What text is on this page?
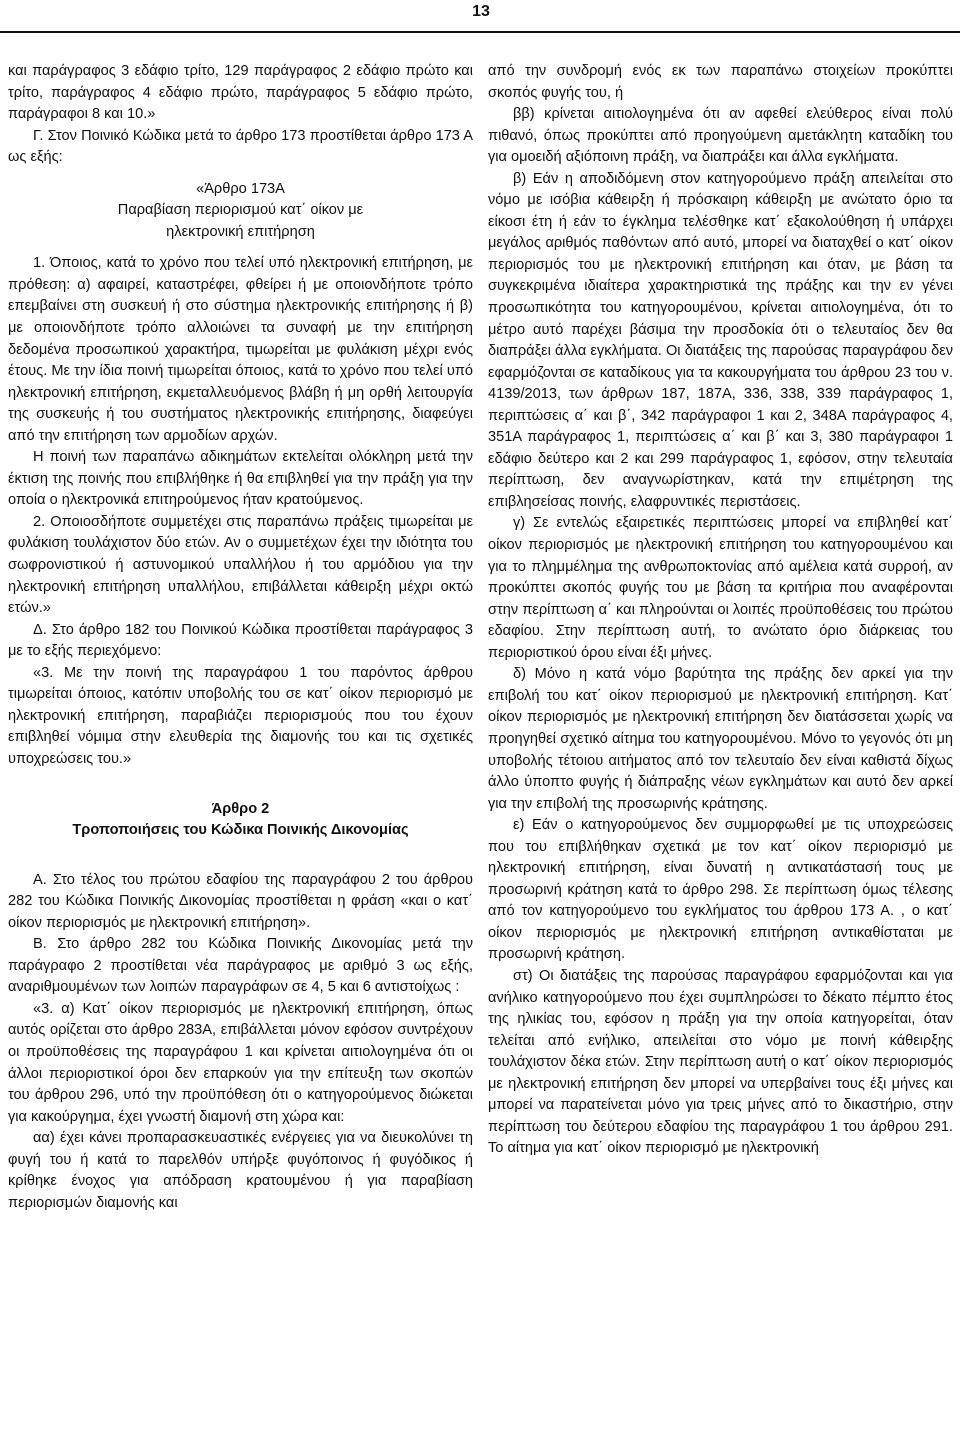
13

και παράγραφος 3 εδάφιο τρίτο, 129 παράγραφος 2 εδάφιο πρώτο και τρίτο, παράγραφος 4 εδάφιο πρώτο, παράγραφος 5 εδάφιο πρώτο, παράγραφοι 8 και 10.»

Γ. Στον Ποινικό Κώδικα μετά το άρθρο 173 προστίθεται άρθρο 173 Α ως εξής:

«Άρθρο 173Α

Παραβίαση περιορισμού κατ΄ οίκον με

ηλεκτρονική επιτήρηση

1. Όποιος, κατά το χρόνο που τελεί υπό ηλεκτρονική επιτήρηση, με πρόθεση: α) αφαιρεί, καταστρέφει, φθείρει ή με οποιονδήποτε τρόπο επεμβαίνει στη συσκευή ή στο σύστημα ηλεκτρονικής επιτήρησης ή β) με οποιονδήποτε τρόπο αλλοιώνει τα συναφή με την επιτήρηση δεδομένα προσωπικού χαρακτήρα, τιμωρείται με φυλάκιση μέχρι ενός έτους. Με την ίδια ποινή τιμωρείται όποιος, κατά το χρόνο που τελεί υπό ηλεκτρονική επιτήρηση, εκμεταλλευόμενος βλάβη ή μη ορθή λειτουργία της συσκευής ή του συστήματος ηλεκτρονικής επιτήρησης, διαφεύγει από την επιτήρηση των αρμοδίων αρχών.

Η ποινή των παραπάνω αδικημάτων εκτελείται ολόκληρη μετά την έκτιση της ποινής που επιβλήθηκε ή θα επιβληθεί για την πράξη για την οποία ο ηλεκτρονικά επιτηρούμενος ήταν κρατούμενος.

2. Οποιοσδήποτε συμμετέχει στις παραπάνω πράξεις τιμωρείται με φυλάκιση τουλάχιστον δύο ετών. Αν ο συμμετέχων έχει την ιδιότητα του σωφρονιστικού ή αστυνομικού υπαλλήλου ή του αρμόδιου για την ηλεκτρονική επιτήρηση υπαλλήλου, επιβάλλεται κάθειρξη μέχρι οκτώ ετών.»

Δ. Στο άρθρο 182 του Ποινικού Κώδικα προστίθεται παράγραφος 3 με το εξής περιεχόμενο:

«3. Με την ποινή της παραγράφου 1 του παρόντος άρθρου τιμωρείται όποιος, κατόπιν υποβολής του σε κατ΄ οίκον περιορισμό με ηλεκτρονική επιτήρηση, παραβιάζει περιορισμούς που του έχουν επιβληθεί νόμιμα στην ελευθερία της διαμονής του και τις σχετικές υποχρεώσεις του.»

Άρθρο 2

Τροποποιήσεις του Κώδικα Ποινικής Δικονομίας

Α. Στο τέλος του πρώτου εδαφίου της παραγράφου 2 του άρθρου 282 του Κώδικα Ποινικής Δικονομίας προστίθεται η φράση «και ο κατ΄ οίκον περιορισμός με ηλεκτρονική επιτήρηση».

Β. Στο άρθρο 282 του Κώδικα Ποινικής Δικονομίας μετά την παράγραφο 2 προστίθεται νέα παράγραφος με αριθμό 3 ως εξής, αναριθμουμένων των λοιπών παραγράφων σε 4, 5 και 6 αντιστοίχως :

«3. α) Κατ΄ οίκον περιορισμός με ηλεκτρονική επιτήρηση, όπως αυτός ορίζεται στο άρθρο 283Α, επιβάλλεται μόνον εφόσον συντρέχουν οι προϋποθέσεις της παραγράφου 1 και κρίνεται αιτιολογημένα ότι οι άλλοι περιοριστικοί όροι δεν επαρκούν για την επίτευξη των σκοπών του άρθρου 296, υπό την προϋπόθεση ότι ο κατηγορούμενος διώκεται για κακούργημα, έχει γνωστή διαμονή στη χώρα και:

αα) έχει κάνει προπαρασκευαστικές ενέργειες για να διευκολύνει τη φυγή του ή κατά το παρελθόν υπήρξε φυγόποινος ή φυγόδικος ή κρίθηκε ένοχος για απόδραση κρατουμένου ή για παραβίαση περιορισμών διαμονής και

από την συνδρομή ενός εκ των παραπάνω στοιχείων προκύπτει σκοπός φυγής του, ή

ββ) κρίνεται αιτιολογημένα ότι αν αφεθεί ελεύθερος είναι πολύ πιθανό, όπως προκύπτει από προηγούμενη αμετάκλητη καταδίκη του για ομοειδή αξιόποινη πράξη, να διαπράξει και άλλα εγκλήματα.

β) Εάν η αποδιδόμενη στον κατηγορούμενο πράξη απειλείται στο νόμο με ισόβια κάθειρξη ή πρόσκαιρη κάθειρξη με ανώτατο όριο τα είκοσι έτη ή εάν το έγκλημα τελέσθηκε κατ΄ εξακολούθηση ή υπάρχει μεγάλος αριθμός παθόντων από αυτό, μπορεί να διαταχθεί ο κατ΄ οίκον περιορισμός του με ηλεκτρονική επιτήρηση και όταν, με βάση τα συγκεκριμένα ιδιαίτερα χαρακτηριστικά της πράξης και την εν γένει προσωπικότητα του κατηγορουμένου, κρίνεται αιτιολογημένα, ότι το μέτρο αυτό παρέχει βάσιμα την προσδοκία ότι ο τελευταίος δεν θα διαπράξει άλλα εγκλήματα. Οι διατάξεις της παρούσας παραγράφου δεν εφαρμόζονται σε καταδίκους για τα κακουργήματα του άρθρου 23 του ν. 4139/2013, των άρθρων 187, 187Α, 336, 338, 339 παράγραφος 1, περιπτώσεις α΄ και β΄, 342 παράγραφοι 1 και 2, 348Α παράγραφος 4, 351Α παράγραφος 1, περιπτώσεις α΄ και β΄ και 3, 380 παράγραφοι 1 εδάφιο δεύτερο και 2 και 299 παράγραφος 1, εφόσον, στην τελευταία περίπτωση, δεν αναγνωρίστηκαν, κατά την επιμέτρηση της επιβλησείσας ποινής, ελαφρυντικές περιστάσεις.

γ) Σε εντελώς εξαιρετικές περιπτώσεις μπορεί να επιβληθεί κατ΄ οίκον περιορισμός με ηλεκτρονική επιτήρηση του κατηγορουμένου και για το πλημμέλημα της ανθρωποκτονίας από αμέλεια κατά συρροή, αν προκύπτει σκοπός φυγής του με βάση τα κριτήρια που αναφέρονται στην περίπτωση α΄ και πληρούνται οι λοιπές προϋποθέσεις του πρώτου εδαφίου. Στην περίπτωση αυτή, το ανώτατο όριο διάρκειας του περιοριστικού όρου είναι έξι μήνες.

δ) Μόνο η κατά νόμο βαρύτητα της πράξης δεν αρκεί για την επιβολή του κατ΄ οίκον περιορισμού με ηλεκτρονική επιτήρηση. Κατ΄ οίκον περιορισμός με ηλεκτρονική επιτήρηση δεν διατάσσεται χωρίς να προηγηθεί σχετικό αίτημα του κατηγορουμένου. Μόνο το γεγονός ότι μη υποβολής τέτοιου αιτήματος από τον τελευταίο δεν είναι καθιστά δίχως άλλο ύποπτο φυγής ή διάπραξης νέων εγκλημάτων και αυτό δεν αρκεί για την επιβολή της προσωρινής κράτησης.

ε) Εάν ο κατηγορούμενος δεν συμμορφωθεί με τις υποχρεώσεις που του επιβλήθηκαν σχετικά με τον κατ΄ οίκον περιορισμό με ηλεκτρονική επιτήρηση, είναι δυνατή η αντικατάστασή τους με προσωρινή κράτηση κατά το άρθρο 298. Σε περίπτωση όμως τέλεσης από τον κατηγορούμενο του εγκλήματος του άρθρου 173 Α. , ο κατ΄ οίκον περιορισμός με ηλεκτρονική επιτήρηση αντικαθίσταται με προσωρινή κράτηση.

στ) Οι διατάξεις της παρούσας παραγράφου εφαρμόζονται και για ανήλικο κατηγορούμενο που έχει συμπληρώσει το δέκατο πέμπτο έτος της ηλικίας του, εφόσον η πράξη για την οποία κατηγορείται, όταν τελείται από ενήλικο, απειλείται στο νόμο με ποινή κάθειρξης τουλάχιστον δέκα ετών. Στην περίπτωση αυτή ο κατ΄ οίκον περιορισμός με ηλεκτρονική επιτήρηση δεν μπορεί να υπερβαίνει τους έξι μήνες και μπορεί να παρατείνεται μόνο για τρεις μήνες από το δικαστήριο, στην περίπτωση του δεύτερου εδαφίου της παραγράφου 1 του άρθρου 291. Το αίτημα για κατ΄ οίκον περιορισμό με ηλεκτρονική
